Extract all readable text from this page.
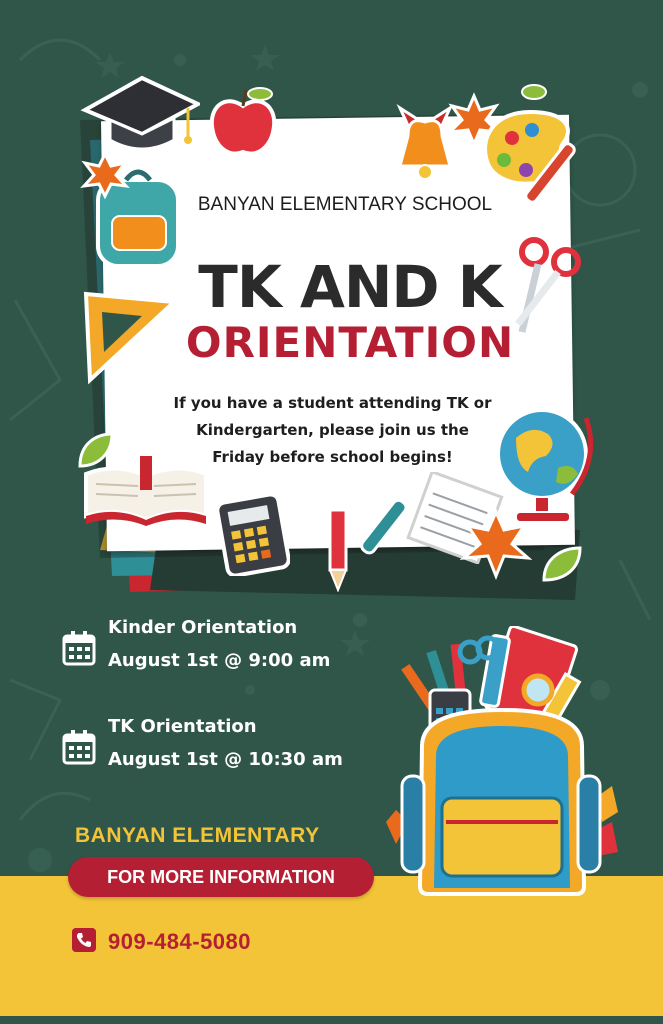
BANYAN ELEMENTARY SCHOOL
TK AND K
ORIENTATION
If you have a student attending TK or
Kindergarten, please join us the
Friday before school begins!
Kinder Orientation
August 1st @ 9:00 am
TK Orientation
August 1st @ 10:30 am
BANYAN ELEMENTARY
FOR MORE INFORMATION
909-484-5080
